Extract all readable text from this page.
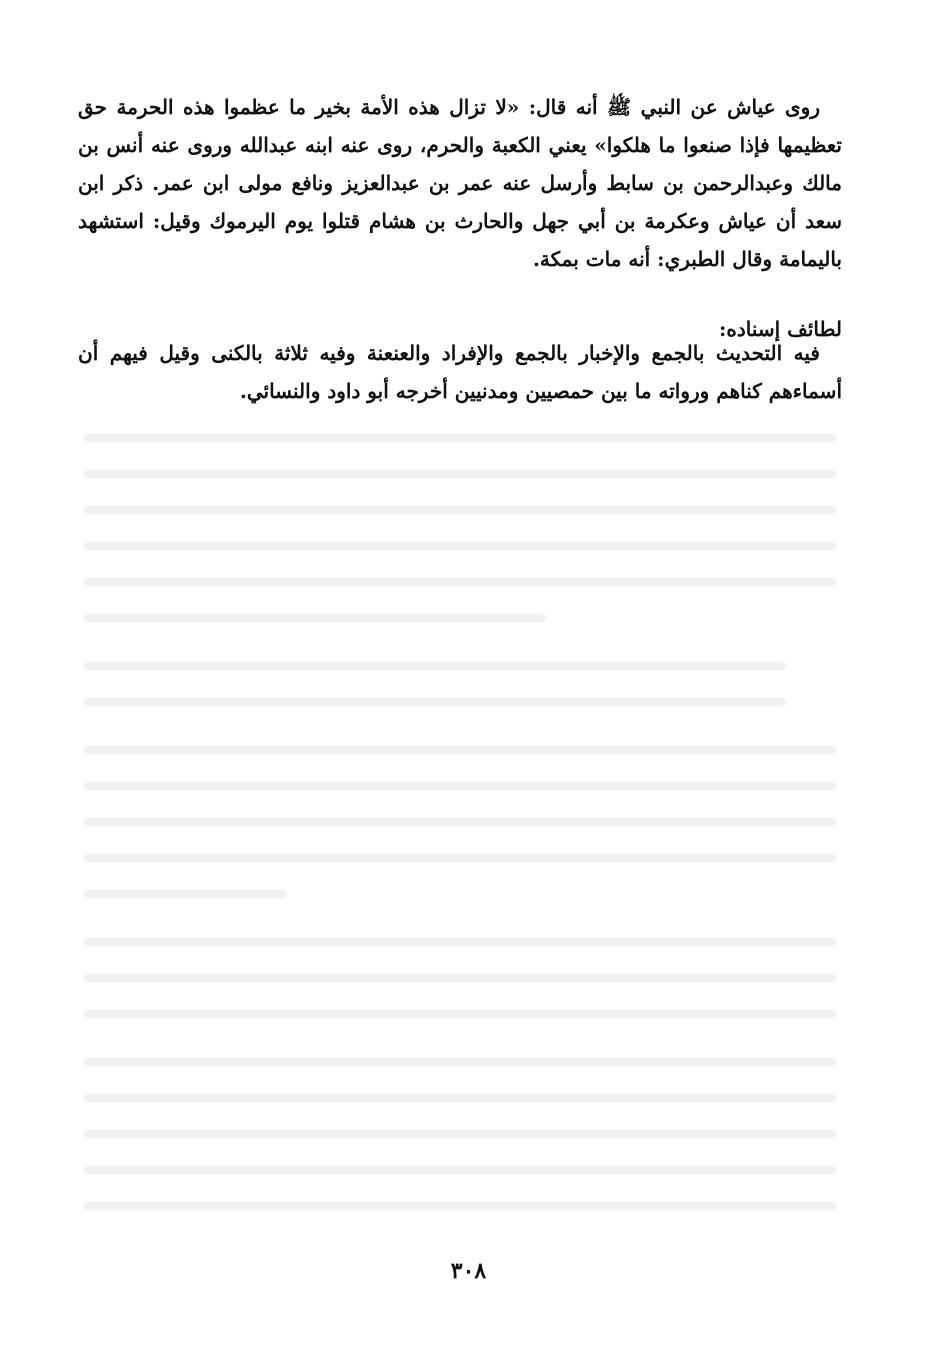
روى عياش عن النبي ﷺ أنه قال: «لا تزال هذه الأمة بخير ما عظموا هذه الحرمة حق تعظيمها فإذا صنعوا ما هلكوا» يعني الكعبة والحرم، روى عنه ابنه عبدالله وروى عنه أنس بن مالك وعبدالرحمن بن سابط وأرسل عنه عمر بن عبدالعزيز ونافع مولى ابن عمر. ذكر ابن سعد أن عياش وعكرمة بن أبي جهل والحارث بن هشام قتلوا يوم اليرموك وقيل: استشهد باليمامة وقال الطبري: أنه مات بمكة.

لطائف إسناده:

فيه التحديث بالجمع والإخبار بالجمع والإفراد والعنعنة وفيه ثلاثة بالكنى وقيل فيهم أن أسماءهم كناهم ورواته ما بين حمصيين ومدنيين أخرجه أبو داود والنسائي.

٣٠٨
